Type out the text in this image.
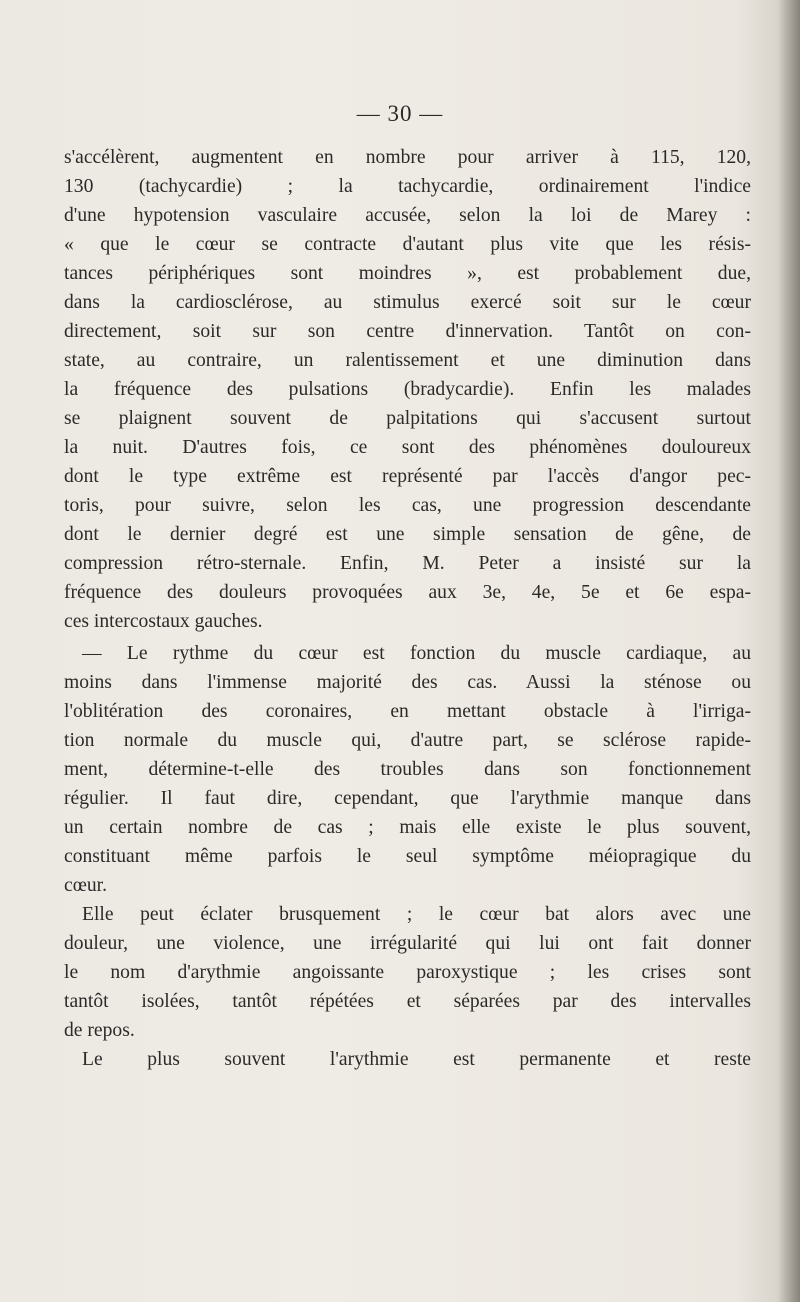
— 30 —
s'accélèrent, augmentent en nombre pour arriver à 115, 120,
130 (tachycardie) ; la tachycardie, ordinairement l'indice
d'une hypotension vasculaire accusée, selon la loi de Marey :
« que le cœur se contracte d'autant plus vite que les résis-
tances périphériques sont moindres », est probablement due,
dans la cardiosclérose, au stimulus exercé soit sur le cœur
directement, soit sur son centre d'innervation. Tantôt on con-
state, au contraire, un ralentissement et une diminution dans
la fréquence des pulsations (bradycardie). Enfin les malades
se plaignent souvent de palpitations qui s'accusent surtout
la nuit. D'autres fois, ce sont des phénomènes douloureux
dont le type extrême est représenté par l'accès d'angor pec-
toris, pour suivre, selon les cas, une progression descendante
dont le dernier degré est une simple sensation de gêne, de
compression rétro-sternale. Enfin, M. Peter a insisté sur la
fréquence des douleurs provoquées aux 3e, 4e, 5e et 6e espa-
ces intercostaux gauches.
— Le rythme du cœur est fonction du muscle cardiaque, au
moins dans l'immense majorité des cas. Aussi la sténose ou
l'oblitération des coronaires, en mettant obstacle à l'irriga-
tion normale du muscle qui, d'autre part, se sclérose rapide-
ment, détermine-t-elle des troubles dans son fonctionnement
régulier. Il faut dire, cependant, que l'arythmie manque dans
un certain nombre de cas ; mais elle existe le plus souvent,
constituant même parfois le seul symptôme méiopragique du
cœur.
Elle peut éclater brusquement ; le cœur bat alors avec une
douleur, une violence, une irrégularité qui lui ont fait donner
le nom d'arythmie angoissante paroxystique ; les crises sont
tantôt isolées, tantôt répétées et séparées par des intervalles
de repos.
Le plus souvent l'arythmie est permanente et reste
